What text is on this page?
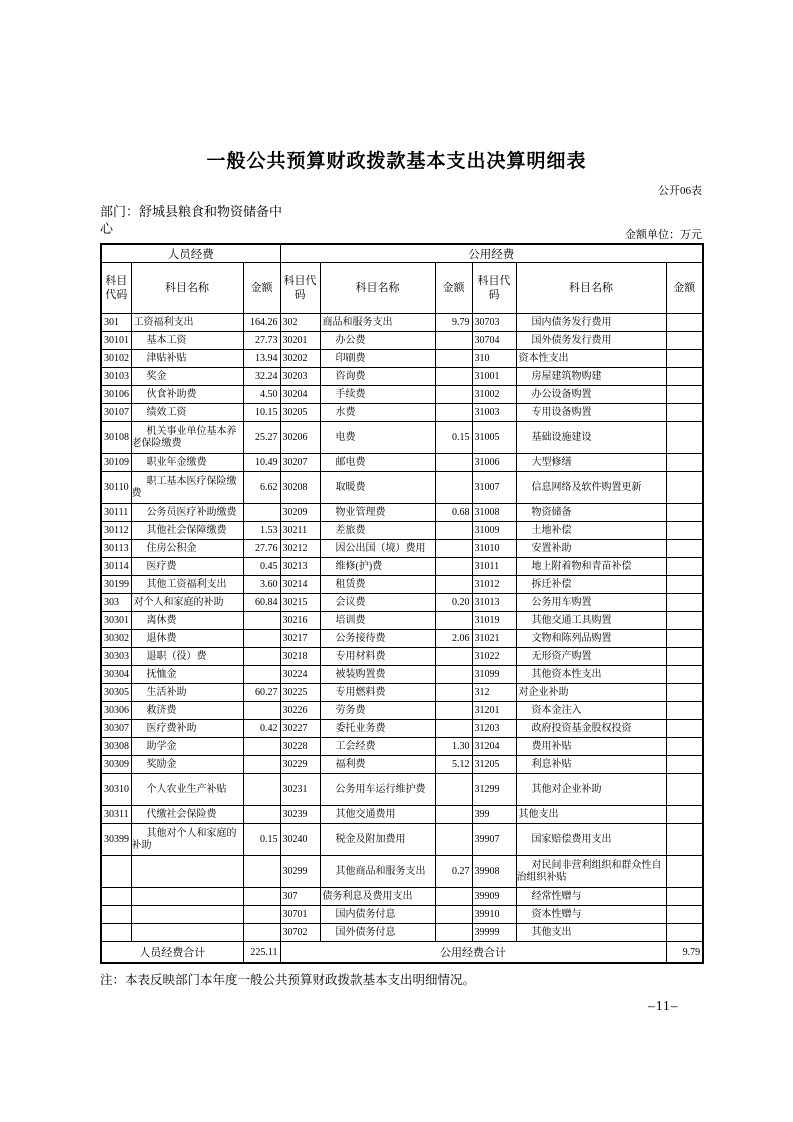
一般公共预算财政拨款基本支出决算明细表
公开06表
部门：舒城县粮食和物资储备中心	金额单位：万元
人员经费			公用经费					
科目代码	科目名称	金额	科目代码	科目名称	金额	科目代码	科目名称	金额
301	工资福利支出	164.26	302	商品和服务支出	9.79	30703	国内债务发行费用	
30101	基本工资	27.73	30201	办公费		30704	国外债务发行费用	
30102	津贴补贴	13.94	30202	印刷费		310	资本性支出	
30103	奖金	32.24	30203	咨询费		31001	房屋建筑物购建	
30106	伙食补助费	4.50	30204	手续费		31002	办公设备购置	
30107	绩效工资	10.15	30205	水费		31003	专用设备购置	
30108	机关事业单位基本养老保险缴费	25.27	30206	电费	0.15	31005	基础设施建设	
30109	职业年金缴费	10.49	30207	邮电费		31006	大型修缮	
30110	职工基本医疗保险缴费	6.62	30208	取暖费		31007	信息网络及软件购置更新	
30111	公务员医疗补助缴费		30209	物业管理费	0.68	31008	物资储备	
30112	其他社会保障缴费	1.53	30211	差旅费		31009	土地补偿	
30113	住房公积金	27.76	30212	因公出国（境）费用		31010	安置补助	
30114	医疗费	0.45	30213	维修(护)费		31011	地上附着物和青苗补偿	
30199	其他工资福利支出	3.60	30214	租赁费		31012	拆迁补偿	
303	对个人和家庭的补助	60.84	30215	会议费	0.20	31013	公务用车购置	
30301	离休费		30216	培训费		31019	其他交通工具购置	
30302	退休费		30217	公务接待费	2.06	31021	文物和陈列品购置	
30303	退职（役）费		30218	专用材料费		31022	无形资产购置	
30304	抚恤金		30224	被装购置费		31099	其他资本性支出	
30305	生活补助	60.27	30225	专用燃料费		312	对企业补助	
30306	救济费		30226	劳务费		31201	资本金注入	
30307	医疗费补助	0.42	30227	委托业务费		31203	政府投资基金股权投资	
30308	助学金		30228	工会经费	1.30	31204	费用补贴	
30309	奖励金		30229	福利费	5.12	31205	利息补贴	
30310	个人农业生产补贴		30231	公务用车运行维护费		31299	其他对企业补助	
30311	代缴社会保险费		30239	其他交通费用		399	其他支出	
30399	其他对个人和家庭的补助	0.15	30240	税金及附加费用		39907	国家赔偿费用支出	
			30299	其他商品和服务支出	0.27	39908	对民间非营利组织和群众性自治组织补贴	
			307	债务利息及费用支出		39909	经常性赠与	
			30701	国内债务付息		39910	资本性赠与	
			30702	国外债务付息		39999	其他支出	
人员经费合计		225.11	公用经费合计					9.79
注：本表反映部门本年度一般公共预算财政拨款基本支出明细情况。
–11–
